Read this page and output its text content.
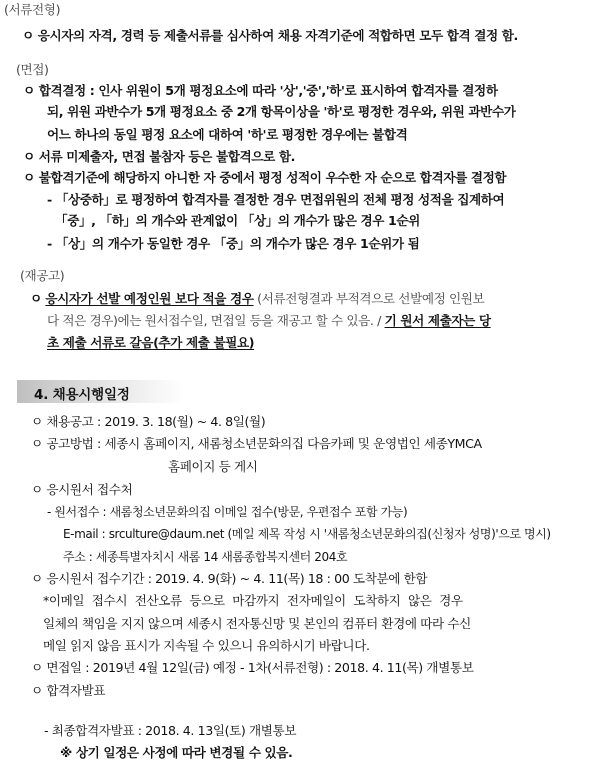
(서류전형)
ㅇ 응시자의 자격, 경력 등 제출서류를 심사하여 채용 자격기준에 적합하면 모두 합격 결정 함.
(면접)
ㅇ 합격결정 : 인사 위원이 5개 평정요소에 따라 '상','중','하'로 표시하여 합격자를 결정하
되, 위원 과반수가 5개 평정요소 중 2개 항목이상을 '하'로 평정한 경우와, 위원 과반수가
어느 하나의 동일 평정 요소에 대하여 '하'로 평정한 경우에는 불합격
ㅇ 서류 미제출자, 면접 불참자 등은 불합격으로 함.
ㅇ 불합격기준에 해당하지 아니한 자 중에서 평정 성적이 우수한 자 순으로 합격자를 결정함
- 「상중하」로 평정하여 합격자를 결정한 경우 면접위원의 전체 평정 성적을 집계하여
「중」, 「하」의 개수와 관계없이 「상」의 개수가 많은 경우 1순위
- 「상」의 개수가 동일한 경우 「중」의 개수가 많은 경우 1순위가 됨
(재공고)
ㅇ 응시자가 선발 예정인원 보다 적을 경우 (서류전형결과 부적격으로 선발예정 인원보
다 적은 경우)에는 원서접수일, 면접일 등을 재공고 할 수 있음. / 기 원서 제출자는 당
초 제출 서류로 갈음(추가 제출 불필요)
4. 채용시행일정
ㅇ 채용공고 : 2019. 3. 18(월) ~ 4. 8일(월)
ㅇ 공고방법 : 세종시 홈페이지, 새롬청소년문화의집 다음카페 및 운영법인 세종YMCA
홈페이지 등 게시
ㅇ 응시원서 접수처
- 원서접수 : 새롬청소년문화의집 이메일 접수(방문, 우편접수 포함 가능)
E-mail : srculture@daum.net (메일 제목 작성 시 '새롬청소년문화의집(신청자 성명)'으로 명시)
주소 : 세종특별자치시 새롬 14 새롬종합복지센터 204호
ㅇ 응시원서 접수기간 : 2019. 4. 9(화) ~ 4. 11(목) 18 : 00 도착분에 한함
*이메일 접수시 전산오류 등으로 마감까지 전자메일이 도착하지 않은 경우
일체의 책임을 지지 않으며 세종시 전자통신망 및 본인의 컴퓨터 환경에 따라 수신
메일 읽지 않음 표시가 지속될 수 있으니 유의하시기 바랍니다.
ㅇ 면접일 : 2019년 4월 12일(금) 예정 - 1차(서류전형) : 2018. 4. 11(목) 개별통보
ㅇ 합격자발표
- 최종합격자발표 : 2018. 4. 13일(토) 개별통보
※ 상기 일정은 사정에 따라 변경될 수 있음.
